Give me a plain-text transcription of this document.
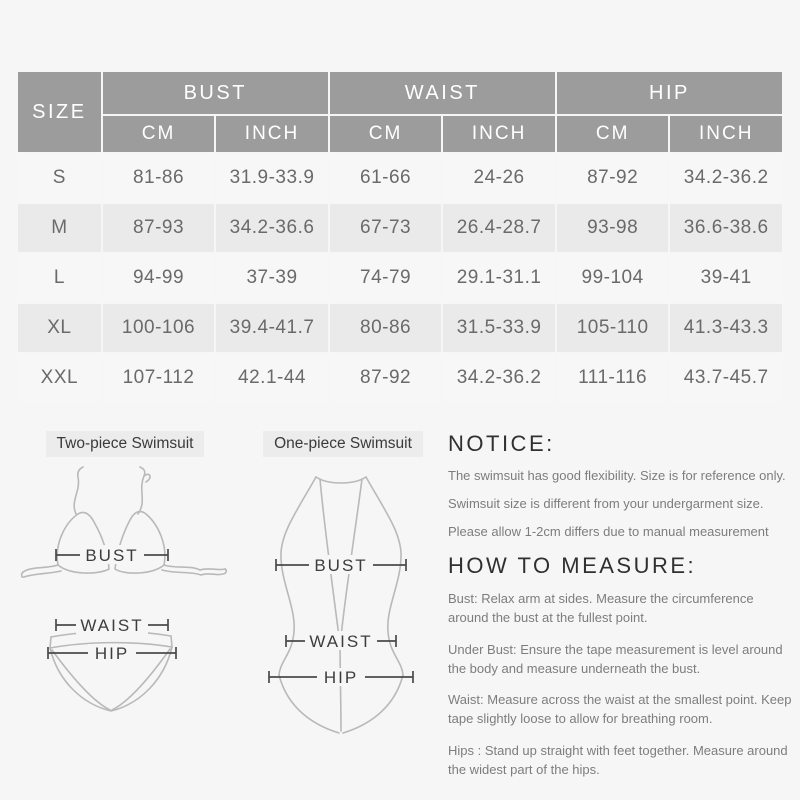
SIZE	BUST		WAIST		HIP	
	CM	INCH	CM	INCH	CM	INCH
S	81-86	31.9-33.9	61-66	24-26	87-92	34.2-36.2
M	87-93	34.2-36.6	67-73	26.4-28.7	93-98	36.6-38.6
L	94-99	37-39	74-79	29.1-31.1	99-104	39-41
XL	100-106	39.4-41.7	80-86	31.5-33.9	105-110	41.3-43.3
XXL	107-112	42.1-44	87-92	34.2-36.2	111-116	43.7-45.7
Two-piece Swimsuit
BUST
WAIST
HIP
One-piece Swimsuit
BUST
WAIST
HIP
NOTICE:
The swimsuit has good flexibility. Size is for reference only.
Swimsuit size is different from your undergarment size.
Please allow 1-2cm differs due to manual measurement
HOW TO MEASURE:
Bust: Relax arm at sides. Measure the circumference around the bust at the fullest point.
Under Bust: Ensure the tape measurement is level around the body and measure underneath the bust.
Waist: Measure across the waist at the smallest point. Keep tape slightly loose to allow for breathing room.
Hips : Stand up straight with feet together. Measure around the widest part of the hips.
